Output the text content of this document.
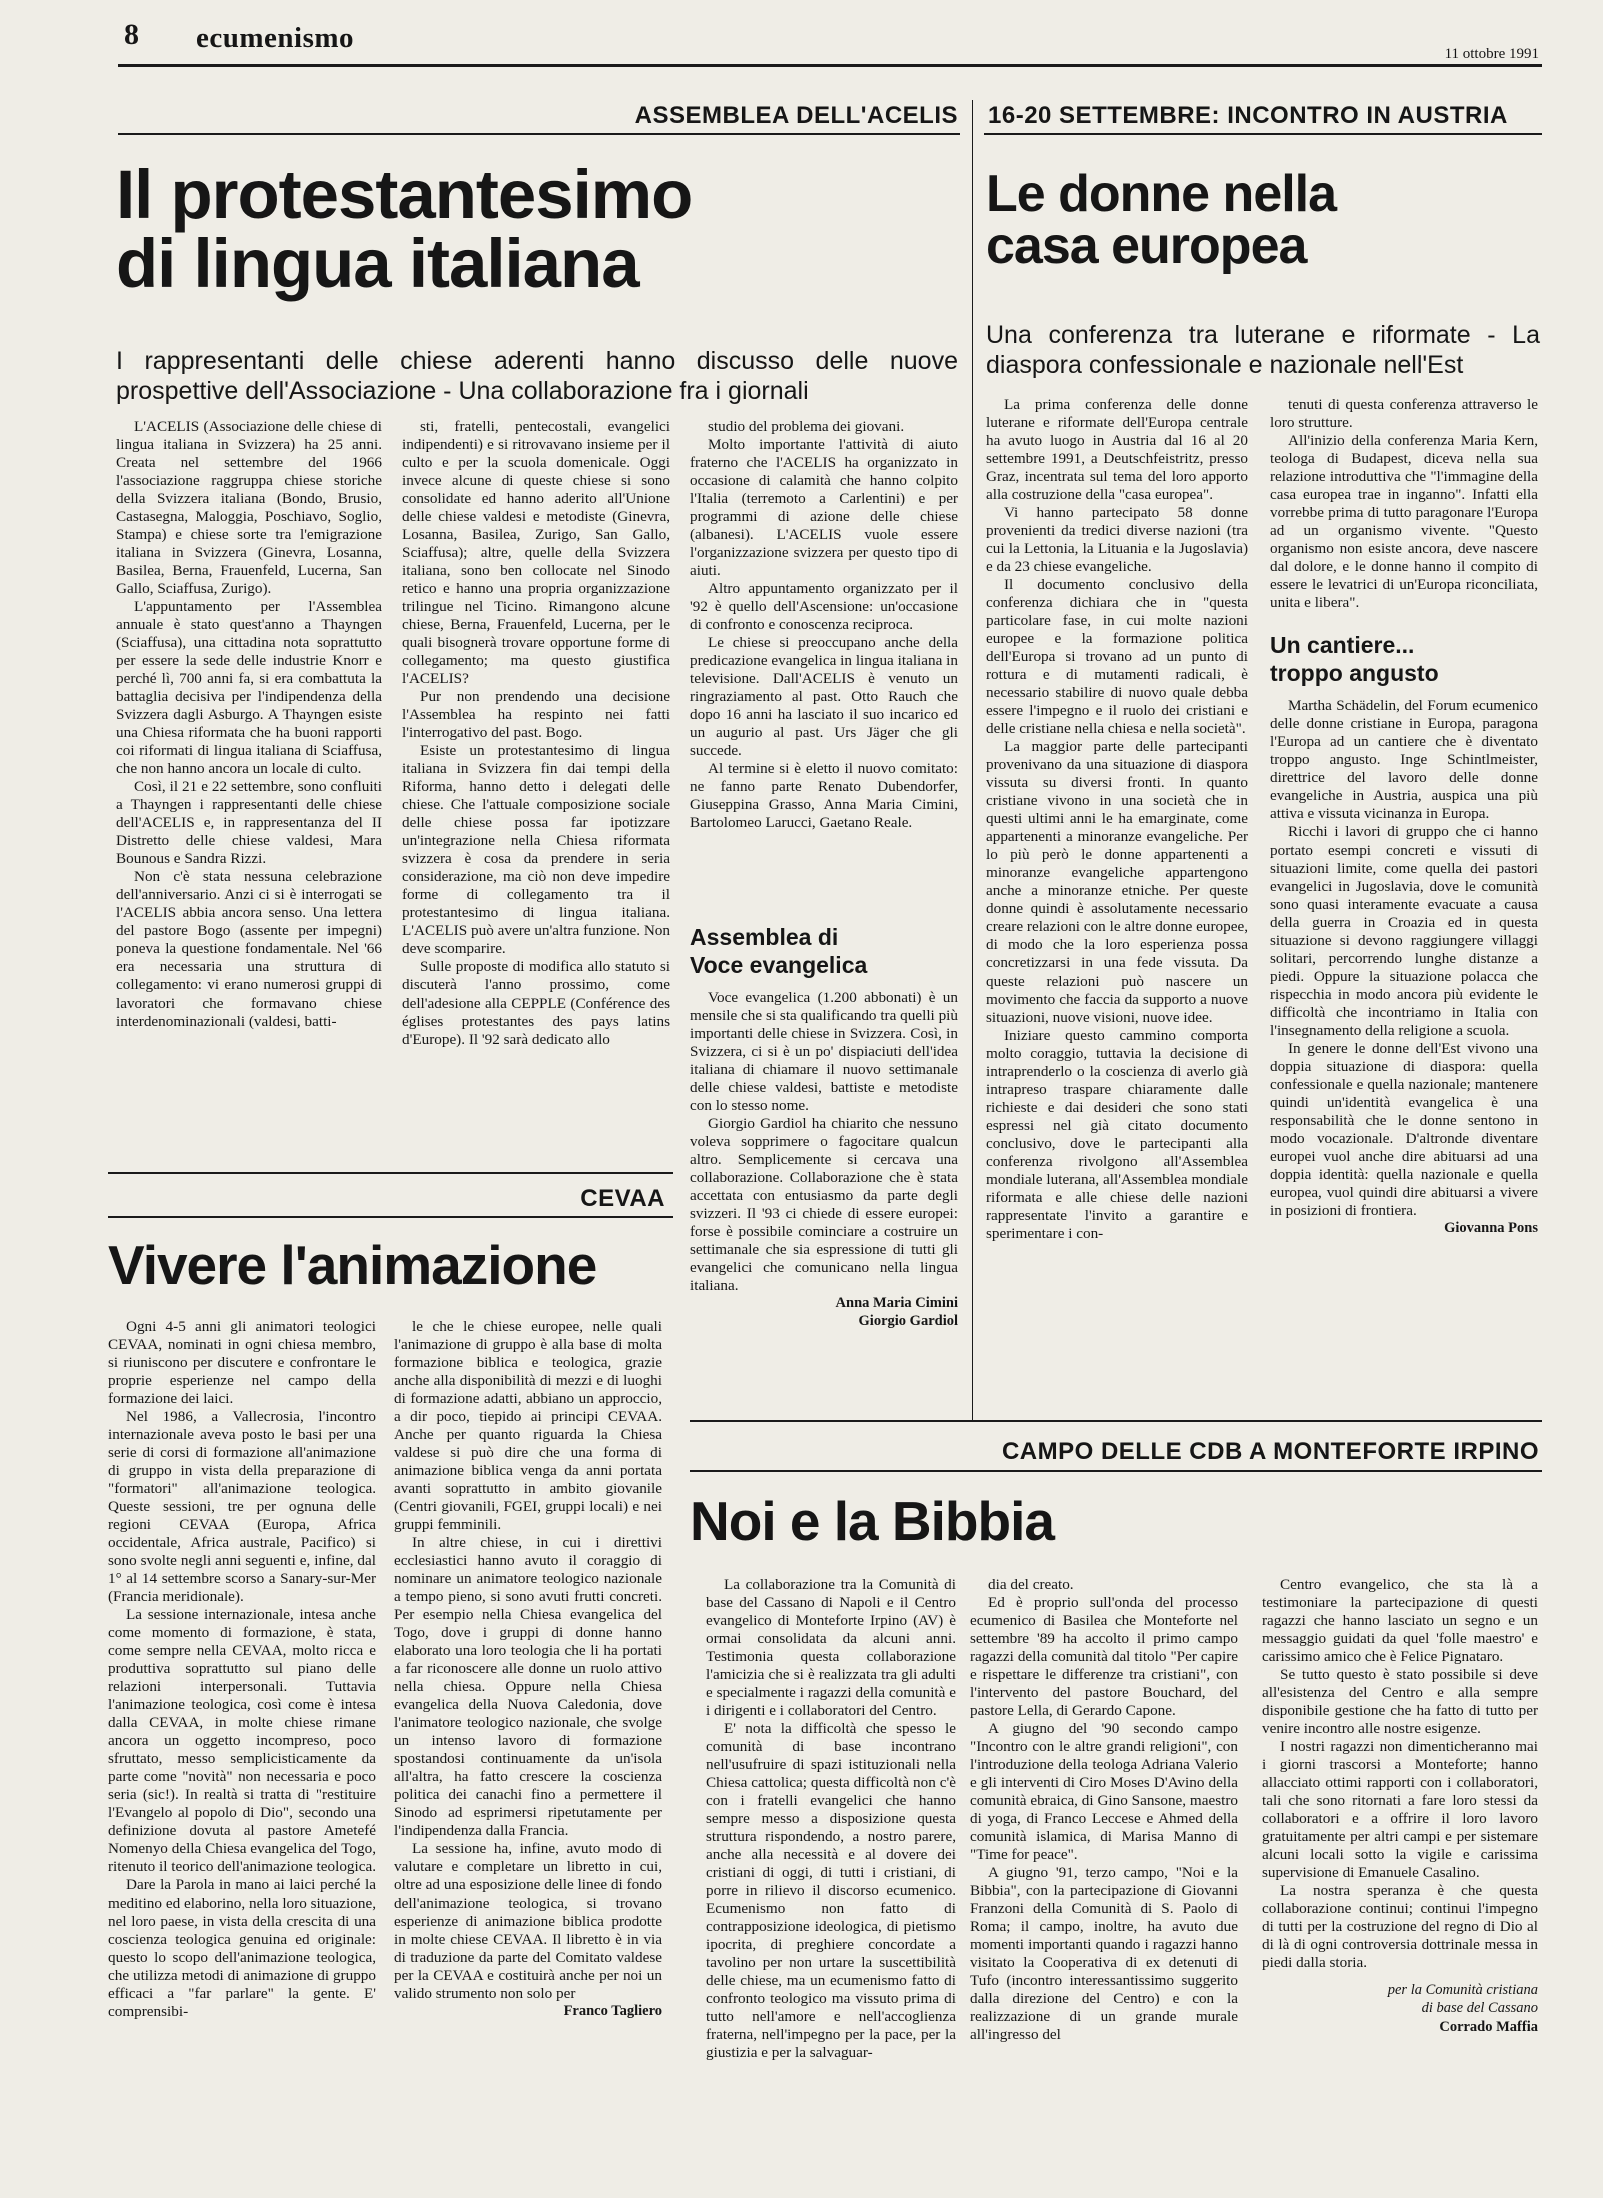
8 ecumenismo	11 ottobre 1991
ASSEMBLEA DELL'ACELIS
Il protestantesimo
di lingua italiana
I rappresentanti delle chiese aderenti hanno discusso delle nuove prospettive dell'Associazione - Una collaborazione fra i giornali

L'ACELIS (Associazione delle chiese di lingua italiana in Svizzera) ha 25 anni. Creata nel settembre del 1966 l'associazione raggruppa chiese storiche della Svizzera italiana (Bondo, Brusio, Castasegna, Maloggia, Poschiavo, Soglio, Stampa) e chiese sorte tra l'emigrazione italiana in Svizzera (Ginevra, Losanna, Basilea, Berna, Frauenfeld, Lucerna, San Gallo, Sciaffusa, Zurigo).

L'appuntamento per l'Assemblea annuale è stato quest'anno a Thayngen (Sciaffusa), una cittadina nota soprattutto per essere la sede delle industrie Knorr e perché lì, 700 anni fa, si era combattuta la battaglia decisiva per l'indipendenza della Svizzera dagli Asburgo. A Thayngen esiste una Chiesa riformata che ha buoni rapporti coi riformati di lingua italiana di Sciaffusa, che non hanno ancora un locale di culto.

Così, il 21 e 22 settembre, sono confluiti a Thayngen i rappresentanti delle chiese dell'ACELIS e, in rappresentanza del II Distretto delle chiese valdesi, Mara Bounous e Sandra Rizzi.

Non c'è stata nessuna celebrazione dell'anniversario. Anzi ci si è interrogati se l'ACELIS abbia ancora senso. Una lettera del pastore Bogo (assente per impegni) poneva la questione fondamentale. Nel '66 era necessaria una struttura di collegamento: vi erano numerosi gruppi di lavoratori che formavano chiese interdenominazionali (valdesi, batti-

sti, fratelli, pentecostali, evangelici indipendenti) e si ritrovavano insieme per il culto e per la scuola domenicale. Oggi invece alcune di queste chiese si sono consolidate ed hanno aderito all'Unione delle chiese valdesi e metodiste (Ginevra, Losanna, Basilea, Zurigo, San Gallo, Sciaffusa); altre, quelle della Svizzera italiana, sono ben collocate nel Sinodo retico e hanno una propria organizzazione trilingue nel Ticino. Rimangono alcune chiese, Berna, Frauenfeld, Lucerna, per le quali bisognerà trovare opportune forme di collegamento; ma questo giustifica l'ACELIS?

Pur non prendendo una decisione l'Assemblea ha respinto nei fatti l'interrogativo del past. Bogo.

Esiste un protestantesimo di lingua italiana in Svizzera fin dai tempi della Riforma, hanno detto i delegati delle chiese. Che l'attuale composizione sociale delle chiese possa far ipotizzare un'integrazione nella Chiesa riformata svizzera è cosa da prendere in seria considerazione, ma ciò non deve impedire forme di collegamento tra il protestantesimo di lingua italiana. L'ACELIS può avere un'altra funzione. Non deve scomparire.

Sulle proposte di modifica allo statuto si discuterà l'anno prossimo, come dell'adesione alla CEPPLE (Conférence des églises protestantes des pays latins d'Europe). Il '92 sarà dedicato allo

studio del problema dei giovani.

Molto importante l'attività di aiuto fraterno che l'ACELIS ha organizzato in occasione di calamità che hanno colpito l'Italia (terremoto a Carlentini) e per programmi di azione delle chiese (albanesi). L'ACELIS vuole essere l'organizzazione svizzera per questo tipo di aiuti.

Altro appuntamento organizzato per il '92 è quello dell'Ascensione: un'occasione di confronto e conoscenza reciproca.

Le chiese si preoccupano anche della predicazione evangelica in lingua italiana in televisione. Dall'ACELIS è venuto un ringraziamento al past. Otto Rauch che dopo 16 anni ha lasciato il suo incarico ed un augurio al past. Urs Jäger che gli succede.

Al termine si è eletto il nuovo comitato: ne fanno parte Renato Dubendorfer, Giuseppina Grasso, Anna Maria Cimini, Bartolomeo Larucci, Gaetano Reale.

Assemblea di
Voce evangelica

Voce evangelica (1.200 abbonati) è un mensile che si sta qualificando tra quelli più importanti delle chiese in Svizzera. Così, in Svizzera, ci si è un po' dispiaciuti dell'idea italiana di chiamare il nuovo settimanale delle chiese valdesi, battiste e metodiste con lo stesso nome.

Giorgio Gardiol ha chiarito che nessuno voleva sopprimere o fagocitare qualcun altro. Semplicemente si cercava una collaborazione. Collaborazione che è stata accettata con entusiasmo da parte degli svizzeri. Il '93 ci chiede di essere europei: forse è possibile cominciare a costruire un settimanale che sia espressione di tutti gli evangelici che comunicano nella lingua italiana.

Anna Maria Cimini

Giorgio Gardiol

16-20 SETTEMBRE: INCONTRO IN AUSTRIA
Le donne nella
casa europea
Una conferenza tra luterane e riformate - La diaspora confessionale e nazionale nell'Est

La prima conferenza delle donne luterane e riformate dell'Europa centrale ha avuto luogo in Austria dal 16 al 20 settembre 1991, a Deutschfeistritz, presso Graz, incentrata sul tema del loro apporto alla costruzione della "casa europea".

Vi hanno partecipato 58 donne provenienti da tredici diverse nazioni (tra cui la Lettonia, la Lituania e la Jugoslavia) e da 23 chiese evangeliche.

Il documento conclusivo della conferenza dichiara che in "questa particolare fase, in cui molte nazioni europee e la formazione politica dell'Europa si trovano ad un punto di rottura e di mutamenti radicali, è necessario stabilire di nuovo quale debba essere l'impegno e il ruolo dei cristiani e delle cristiane nella chiesa e nella società".

La maggior parte delle partecipanti provenivano da una situazione di diaspora vissuta su diversi fronti. In quanto cristiane vivono in una società che in questi ultimi anni le ha emarginate, come appartenenti a minoranze evangeliche. Per lo più però le donne appartenenti a minoranze evangeliche appartengono anche a minoranze etniche. Per queste donne quindi è assolutamente necessario creare relazioni con le altre donne europee, di modo che la loro esperienza possa concretizzarsi in una fede vissuta. Da queste relazioni può nascere un movimento che faccia da supporto a nuove situazioni, nuove visioni, nuove idee.

Iniziare questo cammino comporta molto coraggio, tuttavia la decisione di intraprenderlo o la coscienza di averlo già intrapreso traspare chiaramente dalle richieste e dai desideri che sono stati espressi nel già citato documento conclusivo, dove le partecipanti alla conferenza rivolgono all'Assemblea mondiale luterana, all'Assemblea mondiale riformata e alle chiese delle nazioni rappresentate l'invito a garantire e sperimentare i con-

tenuti di questa conferenza attraverso le loro strutture.

All'inizio della conferenza Maria Kern, teologa di Budapest, diceva nella sua relazione introduttiva che "l'immagine della casa europea trae in inganno". Infatti ella vorrebbe prima di tutto paragonare l'Europa ad un organismo vivente. "Questo organismo non esiste ancora, deve nascere dal dolore, e le donne hanno il compito di essere le levatrici di un'Europa riconciliata, unita e libera".

Un cantiere...
troppo angusto

Martha Schädelin, del Forum ecumenico delle donne cristiane in Europa, paragona l'Europa ad un cantiere che è diventato troppo angusto. Inge Schintlmeister, direttrice del lavoro delle donne evangeliche in Austria, auspica una più attiva e vissuta vicinanza in Europa.

Ricchi i lavori di gruppo che ci hanno portato esempi concreti e vissuti di situazioni limite, come quella dei pastori evangelici in Jugoslavia, dove le comunità sono quasi interamente evacuate a causa della guerra in Croazia ed in questa situazione si devono raggiungere villaggi solitari, percorrendo lunghe distanze a piedi. Oppure la situazione polacca che rispecchia in modo ancora più evidente le difficoltà che incontriamo in Italia con l'insegnamento della religione a scuola.

In genere le donne dell'Est vivono una doppia situazione di diaspora: quella confessionale e quella nazionale; mantenere quindi un'identità evangelica è una responsabilità che le donne sentono in modo vocazionale. D'altronde diventare europei vuol anche dire abituarsi ad una doppia identità: quella nazionale e quella europea, vuol quindi dire abituarsi a vivere in posizioni di frontiera.

Giovanna Pons

CEVAA
Vivere l'animazione

Ogni 4-5 anni gli animatori teologici CEVAA, nominati in ogni chiesa membro, si riuniscono per discutere e confrontare le proprie esperienze nel campo della formazione dei laici.

Nel 1986, a Vallecrosia, l'incontro internazionale aveva posto le basi per una serie di corsi di formazione all'animazione di gruppo in vista della preparazione di "formatori" all'animazione teologica. Queste sessioni, tre per ognuna delle regioni CEVAA (Europa, Africa occidentale, Africa australe, Pacifico) si sono svolte negli anni seguenti e, infine, dal 1° al 14 settembre scorso a Sanary-sur-Mer (Francia meridionale).

La sessione internazionale, intesa anche come momento di formazione, è stata, come sempre nella CEVAA, molto ricca e produttiva soprattutto sul piano delle relazioni interpersonali. Tuttavia l'animazione teologica, così come è intesa dalla CEVAA, in molte chiese rimane ancora un oggetto incompreso, poco sfruttato, messo semplicisticamente da parte come "novità" non necessaria e poco seria (sic!). In realtà si tratta di "restituire l'Evangelo al popolo di Dio", secondo una definizione dovuta al pastore Ametefé Nomenyo della Chiesa evangelica del Togo, ritenuto il teorico dell'animazione teologica.

Dare la Parola in mano ai laici perché la meditino ed elaborino, nella loro situazione, nel loro paese, in vista della crescita di una coscienza teologica genuina ed originale: questo lo scopo dell'animazione teologica, che utilizza metodi di animazione di gruppo efficaci a "far parlare" la gente. E' comprensibi-

le che le chiese europee, nelle quali l'animazione di gruppo è alla base di molta formazione biblica e teologica, grazie anche alla disponibilità di mezzi e di luoghi di formazione adatti, abbiano un approccio, a dir poco, tiepido ai principi CEVAA. Anche per quanto riguarda la Chiesa valdese si può dire che una forma di animazione biblica venga da anni portata avanti soprattutto in ambito giovanile (Centri giovanili, FGEI, gruppi locali) e nei gruppi femminili.

In altre chiese, in cui i direttivi ecclesiastici hanno avuto il coraggio di nominare un animatore teologico nazionale a tempo pieno, si sono avuti frutti concreti. Per esempio nella Chiesa evangelica del Togo, dove i gruppi di donne hanno elaborato una loro teologia che li ha portati a far riconoscere alle donne un ruolo attivo nella chiesa. Oppure nella Chiesa evangelica della Nuova Caledonia, dove l'animatore teologico nazionale, che svolge un intenso lavoro di formazione spostandosi continuamente da un'isola all'altra, ha fatto crescere la coscienza politica dei canachi fino a permettere il Sinodo ad esprimersi ripetutamente per l'indipendenza dalla Francia.

La sessione ha, infine, avuto modo di valutare e completare un libretto in cui, oltre ad una esposizione delle linee di fondo dell'animazione teologica, si trovano esperienze di animazione biblica prodotte in molte chiese CEVAA. Il libretto è in via di traduzione da parte del Comitato valdese per la CEVAA e costituirà anche per noi un valido strumento non solo per

Franco Tagliero

CAMPO DELLE CDB A MONTEFORTE IRPINO
Noi e la Bibbia

La collaborazione tra la Comunità di base del Cassano di Napoli e il Centro evangelico di Monteforte Irpino (AV) è ormai consolidata da alcuni anni. Testimonia questa collaborazione l'amicizia che si è realizzata tra gli adulti e specialmente i ragazzi della comunità e i dirigenti e i collaboratori del Centro.

E' nota la difficoltà che spesso le comunità di base incontrano nell'usufruire di spazi istituzionali nella Chiesa cattolica; questa difficoltà non c'è con i fratelli evangelici che hanno sempre messo a disposizione questa struttura rispondendo, a nostro parere, anche alla necessità e al dovere dei cristiani di oggi, di tutti i cristiani, di porre in rilievo il discorso ecumenico. Ecumenismo non fatto di contrapposizione ideologica, di pietismo ipocrita, di preghiere concordate a tavolino per non urtare la suscettibilità delle chiese, ma un ecumenismo fatto di confronto teologico ma vissuto prima di tutto nell'amore e nell'accoglienza fraterna, nell'impegno per la pace, per la giustizia e per la salvaguar-

dia del creato.

Ed è proprio sull'onda del processo ecumenico di Basilea che Monteforte nel settembre '89 ha accolto il primo campo ragazzi della comunità dal titolo "Per capire e rispettare le differenze tra cristiani", con l'intervento del pastore Bouchard, del pastore Lella, di Gerardo Capone.

A giugno del '90 secondo campo "Incontro con le altre grandi religioni", con l'introduzione della teologa Adriana Valerio e gli interventi di Ciro Moses D'Avino della comunità ebraica, di Gino Sansone, maestro di yoga, di Franco Leccese e Ahmed della comunità islamica, di Marisa Manno di "Time for peace".

A giugno '91, terzo campo, "Noi e la Bibbia", con la partecipazione di Giovanni Franzoni della Comunità di S. Paolo di Roma; il campo, inoltre, ha avuto due momenti importanti quando i ragazzi hanno visitato la Cooperativa di ex detenuti di Tufo (incontro interessantissimo suggerito dalla direzione del Centro) e con la realizzazione di un grande murale all'ingresso del

Centro evangelico, che sta là a testimoniare la partecipazione di questi ragazzi che hanno lasciato un segno e un messaggio guidati da quel 'folle maestro' e carissimo amico che è Felice Pignataro.

Se tutto questo è stato possibile si deve all'esistenza del Centro e alla sempre disponibile gestione che ha fatto di tutto per venire incontro alle nostre esigenze.

I nostri ragazzi non dimenticheranno mai i giorni trascorsi a Monteforte; hanno allacciato ottimi rapporti con i collaboratori, tali che sono ritornati a fare loro stessi da collaboratori e a offrire il loro lavoro gratuitamente per altri campi e per sistemare alcuni locali sotto la vigile e carissima supervisione di Emanuele Casalino.

La nostra speranza è che questa collaborazione continui; continui l'impegno di tutti per la costruzione del regno di Dio al di là di ogni controversia dottrinale messa in piedi dalla storia.

per la Comunità cristiana

di base del Cassano

Corrado Maffia
